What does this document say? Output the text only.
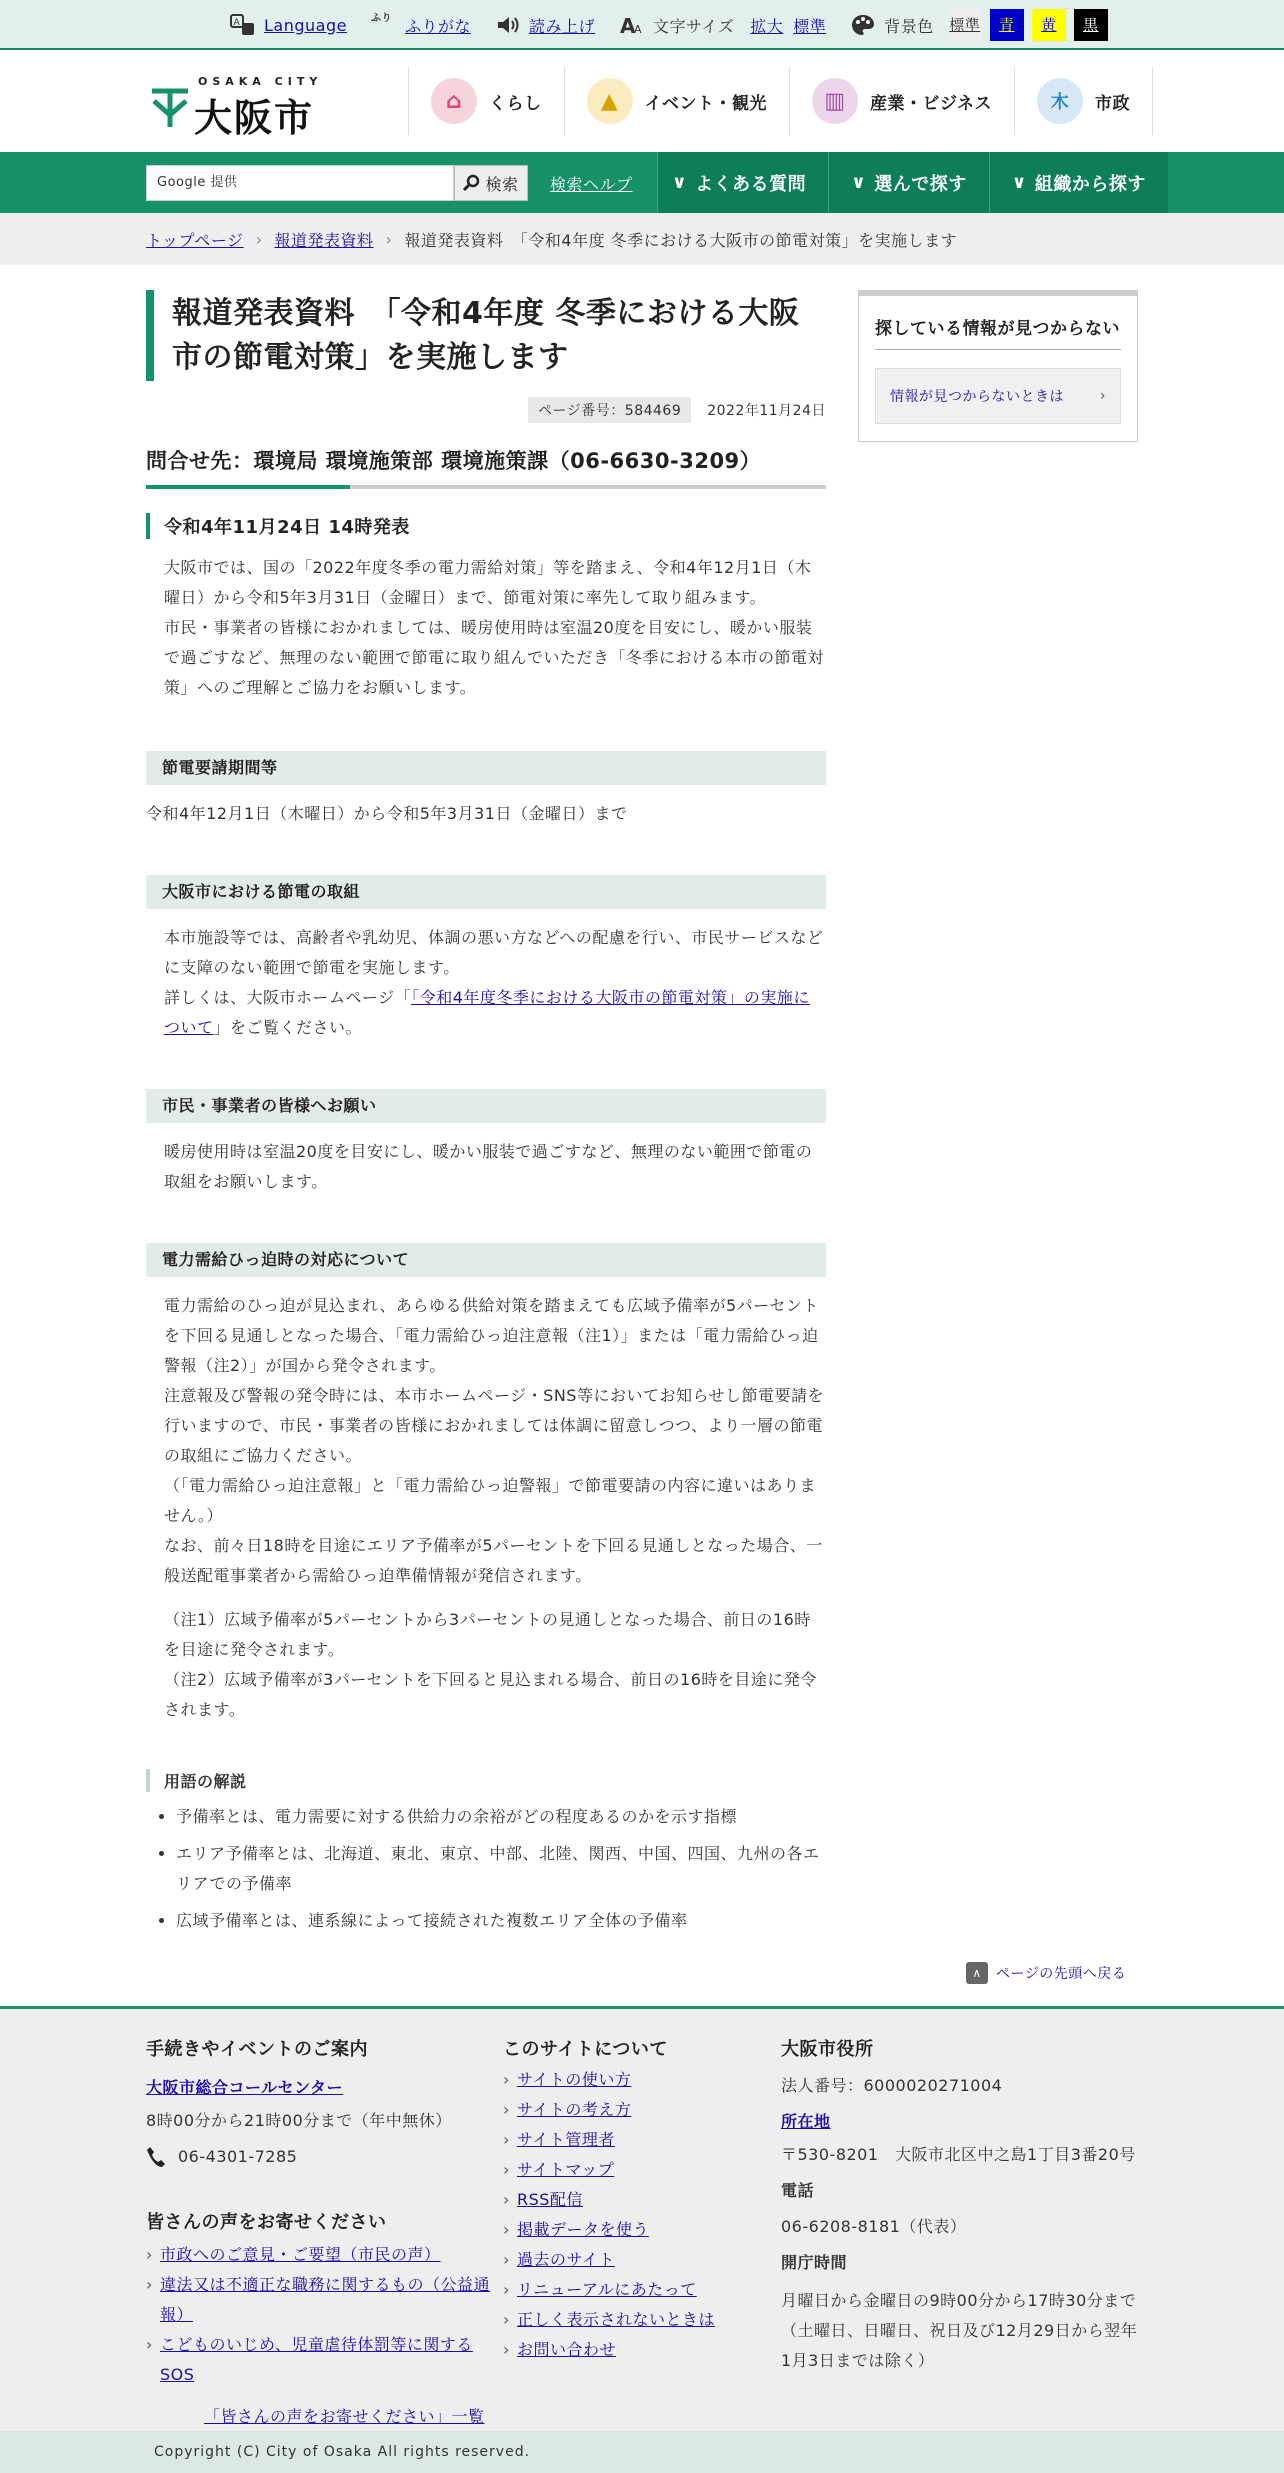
A Language ふり ふりがな	読み上げ A
A 文字サイズ 拡大 標準	背景色 標準	青	黄	黒
OSAKA CITY
大阪市	⌂	くらし	▲	イベント・観光	▥	産業・ビジネス	木	市政
Google 提供	検索 検索ヘルプ ∨ よくある質問	∨ 選んで探す	∨ 組織から探す
トップページ › 報道発表資料 › 報道発表資料　「令和4年度 冬季における大阪市の節電対策」を実施します
報道発表資料　「令和4年度 冬季における大阪市の節電対策」を実施します
ページ番号：584469	2022年11月24日
問合せ先：環境局 環境施策部 環境施策課（06-6630-3209）
令和4年11月24日 14時発表
大阪市では、国の「2022年度冬季の電力需給対策」等を踏まえ、令和4年12月1日（木曜日）から令和5年3月31日（金曜日）まで、節電対策に率先して取り組みます。
市民・事業者の皆様におかれましては、暖房使用時は室温20度を目安にし、暖かい服装で過ごすなど、無理のない範囲で節電に取り組んでいただき「冬季における本市の節電対策」へのご理解とご協力をお願いします。
節電要請期間等
令和4年12月1日（木曜日）から令和5年3月31日（金曜日）まで
大阪市における節電の取組
本市施設等では、高齢者や乳幼児、体調の悪い方などへの配慮を行い、市民サービスなどに支障のない範囲で節電を実施します。
詳しくは、大阪市ホームページ「「令和4年度冬季における大阪市の節電対策」の実施について」をご覧ください。
市民・事業者の皆様へお願い
暖房使用時は室温20度を目安にし、暖かい服装で過ごすなど、無理のない範囲で節電の取組をお願いします。
電力需給ひっ迫時の対応について
電力需給のひっ迫が見込まれ、あらゆる供給対策を踏まえても広域予備率が5パーセントを下回る見通しとなった場合、「電力需給ひっ迫注意報（注1）」または「電力需給ひっ迫警報（注2）」が国から発令されます。
注意報及び警報の発令時には、本市ホームページ・SNS等においてお知らせし節電要請を行いますので、市民・事業者の皆様におかれましては体調に留意しつつ、より一層の節電の取組にご協力ください。
（「電力需給ひっ迫注意報」と「電力需給ひっ迫警報」で節電要請の内容に違いはありません。）
なお、前々日18時を目途にエリア予備率が5パーセントを下回る見通しとなった場合、一般送配電事業者から需給ひっ迫準備情報が発信されます。
（注1）広域予備率が5パーセントから3パーセントの見通しとなった場合、前日の16時を目途に発令されます。
（注2）広域予備率が3パーセントを下回ると見込まれる場合、前日の16時を目途に発令されます。
用語の解説
• 予備率とは、電力需要に対する供給力の余裕がどの程度あるのかを示す指標
• エリア予備率とは、北海道、東北、東京、中部、北陸、関西、中国、四国、九州の各エリアでの予備率
• 広域予備率とは、連系線によって接続された複数エリア全体の予備率
∧	ページの先頭へ戻る
探している情報が見つからない
情報が見つからないときは	›
手続きやイベントのご案内
大阪市総合コールセンター
8時00分から21時00分まで（年中無休）
06-4301-7285
皆さんの声をお寄せください
› 市政へのご意見・ご要望（市民の声）
› 違法又は不適正な職務に関するもの（公益通報）
› こどものいじめ、児童虐待体罰等に関するSOS
「皆さんの声をお寄せください」一覧
このサイトについて
› サイトの使い方
› サイトの考え方
› サイト管理者
› サイトマップ
› RSS配信
› 掲載データを使う
› 過去のサイト
› リニューアルにあたって
› 正しく表示されないときは
› お問い合わせ
大阪市役所
法人番号：6000020271004
所在地
〒530-8201　大阪市北区中之島1丁目3番20号
電話
06-6208-8181（代表）
開庁時間
月曜日から金曜日の9時00分から17時30分まで
（土曜日、日曜日、祝日及び12月29日から翌年1月3日までは除く）
Copyright (C) City of Osaka All rights reserved.
